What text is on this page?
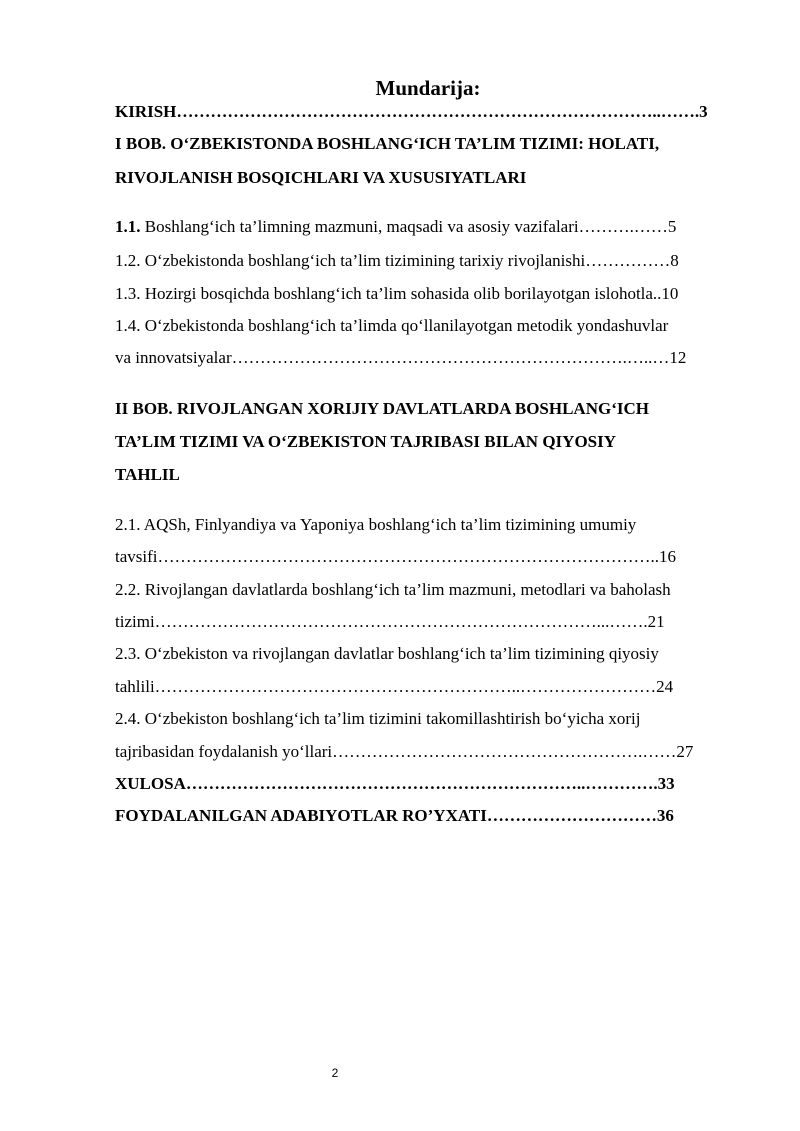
Mundarija:
KIRISH…………………………………………………………………………..…….3
I BOB. O‘ZBEKISTONDA BOSHLANG‘ICH TA’LIM TIZIMI: HOLATI,
RIVOJLANISH BOSQICHLARI VA XUSUSIYATLARI
1.1. Boshlang‘ich ta’limning mazmuni, maqsadi va asosiy vazifalari……….……5
1.2. O‘zbekistonda boshlang‘ich ta’lim tizimining tarixiy rivojlanishi……………8
1.3. Hozirgi bosqichda boshlang‘ich ta’lim sohasida olib borilayotgan islohotla..10
1.4. O‘zbekistonda boshlang‘ich ta’limda qo‘llanilayotgan metodik yondashuvlar
va innovatsiyalar…………………………………………………………….…..…12
II BOB. RIVOJLANGAN XORIJIY DAVLATLARDA BOSHLANG‘ICH
TA’LIM TIZIMI VA O‘ZBEKISTON TAJRIBASI BILAN QIYOSIY
TAHLIL
2.1. AQSh, Finlyandiya va Yaponiya boshlang‘ich ta’lim tizimining umumiy
tavsifi……………………………………………………………………………..16
2.2. Rivojlangan davlatlarda boshlang‘ich ta’lim mazmuni, metodlari va baholash
tizimi……………………………………………………………………...…….21
2.3. O‘zbekiston va rivojlangan davlatlar boshlang‘ich ta’lim tizimining qiyosiy
tahlili………………………………………………………..……………………24
2.4. O‘zbekiston boshlang‘ich ta’lim tizimini takomillashtirish bo‘yicha xorij
tajribasidan foydalanish yo‘llari……………………………………………….……27
XULOSA……………………………………………………………..………….33
FOYDALANILGAN ADABIYOTLAR RO’YXATI…………………………36
2
